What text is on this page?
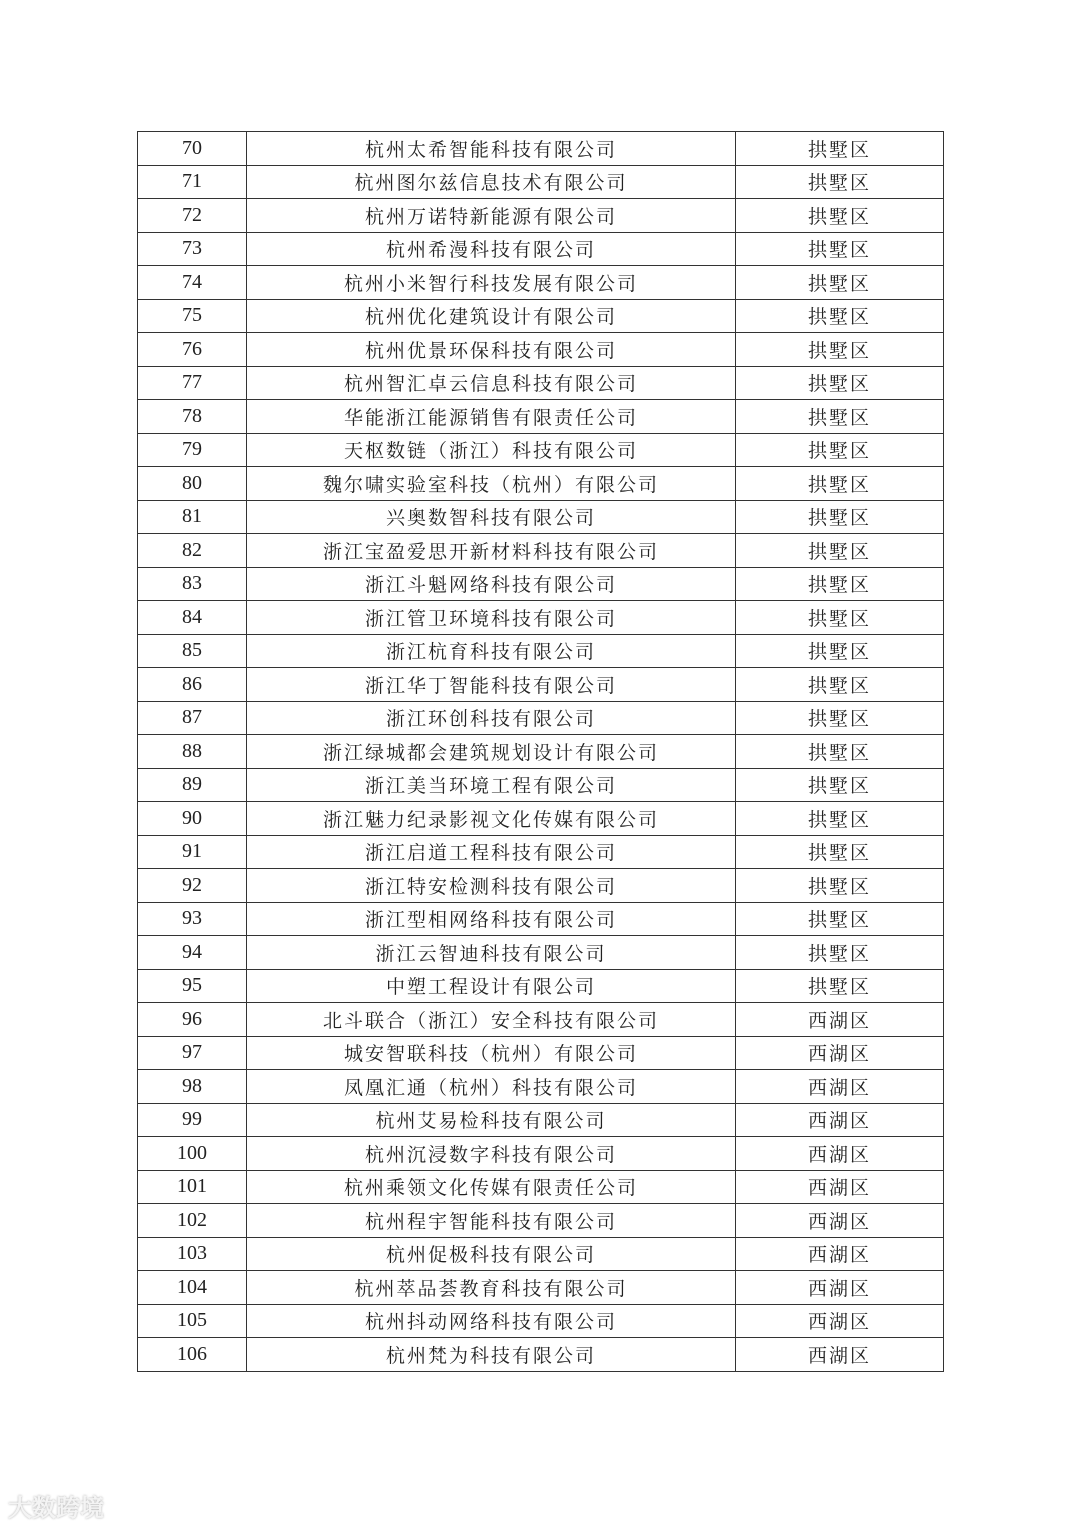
70	杭州太希智能科技有限公司	拱墅区
71	杭州图尔兹信息技术有限公司	拱墅区
72	杭州万诺特新能源有限公司	拱墅区
73	杭州希漫科技有限公司	拱墅区
74	杭州小米智行科技发展有限公司	拱墅区
75	杭州优化建筑设计有限公司	拱墅区
76	杭州优景环保科技有限公司	拱墅区
77	杭州智汇卓云信息科技有限公司	拱墅区
78	华能浙江能源销售有限责任公司	拱墅区
79	天枢数链（浙江）科技有限公司	拱墅区
80	魏尔啸实验室科技（杭州）有限公司	拱墅区
81	兴奥数智科技有限公司	拱墅区
82	浙江宝盈爱思开新材料科技有限公司	拱墅区
83	浙江斗魁网络科技有限公司	拱墅区
84	浙江管卫环境科技有限公司	拱墅区
85	浙江杭育科技有限公司	拱墅区
86	浙江华丁智能科技有限公司	拱墅区
87	浙江环创科技有限公司	拱墅区
88	浙江绿城都会建筑规划设计有限公司	拱墅区
89	浙江美当环境工程有限公司	拱墅区
90	浙江魅力纪录影视文化传媒有限公司	拱墅区
91	浙江启道工程科技有限公司	拱墅区
92	浙江特安检测科技有限公司	拱墅区
93	浙江型相网络科技有限公司	拱墅区
94	浙江云智迪科技有限公司	拱墅区
95	中塑工程设计有限公司	拱墅区
96	北斗联合（浙江）安全科技有限公司	西湖区
97	城安智联科技（杭州）有限公司	西湖区
98	凤凰汇通（杭州）科技有限公司	西湖区
99	杭州艾易检科技有限公司	西湖区
100	杭州沉浸数字科技有限公司	西湖区
101	杭州乘领文化传媒有限责任公司	西湖区
102	杭州程宇智能科技有限公司	西湖区
103	杭州促极科技有限公司	西湖区
104	杭州萃品荟教育科技有限公司	西湖区
105	杭州抖动网络科技有限公司	西湖区
106	杭州梵为科技有限公司	西湖区
大数跨境
